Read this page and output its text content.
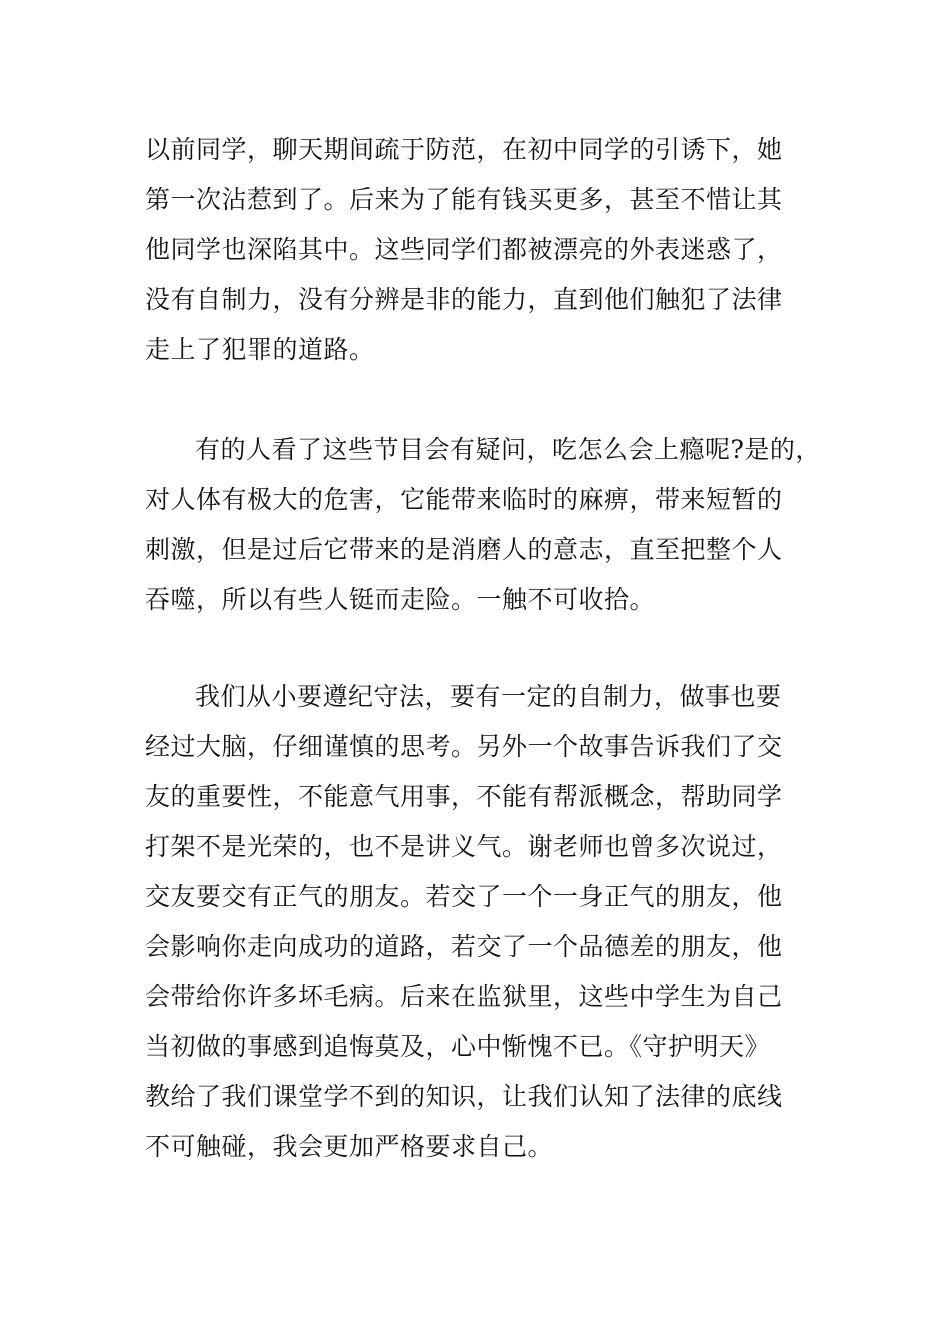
以前同学，聊天期间疏于防范，在初中同学的引诱下，她
第一次沾惹到了。后来为了能有钱买更多，甚至不惜让其
他同学也深陷其中。这些同学们都被漂亮的外表迷惑了，
没有自制力，没有分辨是非的能力，直到他们触犯了法律
走上了犯罪的道路。
有的人看了这些节目会有疑问，吃怎么会上瘾呢?是的，
对人体有极大的危害，它能带来临时的麻痹，带来短暂的
刺激，但是过后它带来的是消磨人的意志，直至把整个人
吞噬，所以有些人铤而走险。一触不可收拾。
我们从小要遵纪守法，要有一定的自制力，做事也要
经过大脑，仔细谨慎的思考。另外一个故事告诉我们了交
友的重要性，不能意气用事，不能有帮派概念，帮助同学
打架不是光荣的，也不是讲义气。谢老师也曾多次说过，
交友要交有正气的朋友。若交了一个一身正气的朋友，他
会影响你走向成功的道路，若交了一个品德差的朋友，他
会带给你许多坏毛病。后来在监狱里，这些中学生为自己
当初做的事感到追悔莫及，心中惭愧不已。《守护明天》
教给了我们课堂学不到的知识，让我们认知了法律的底线
不可触碰，我会更加严格要求自己。
